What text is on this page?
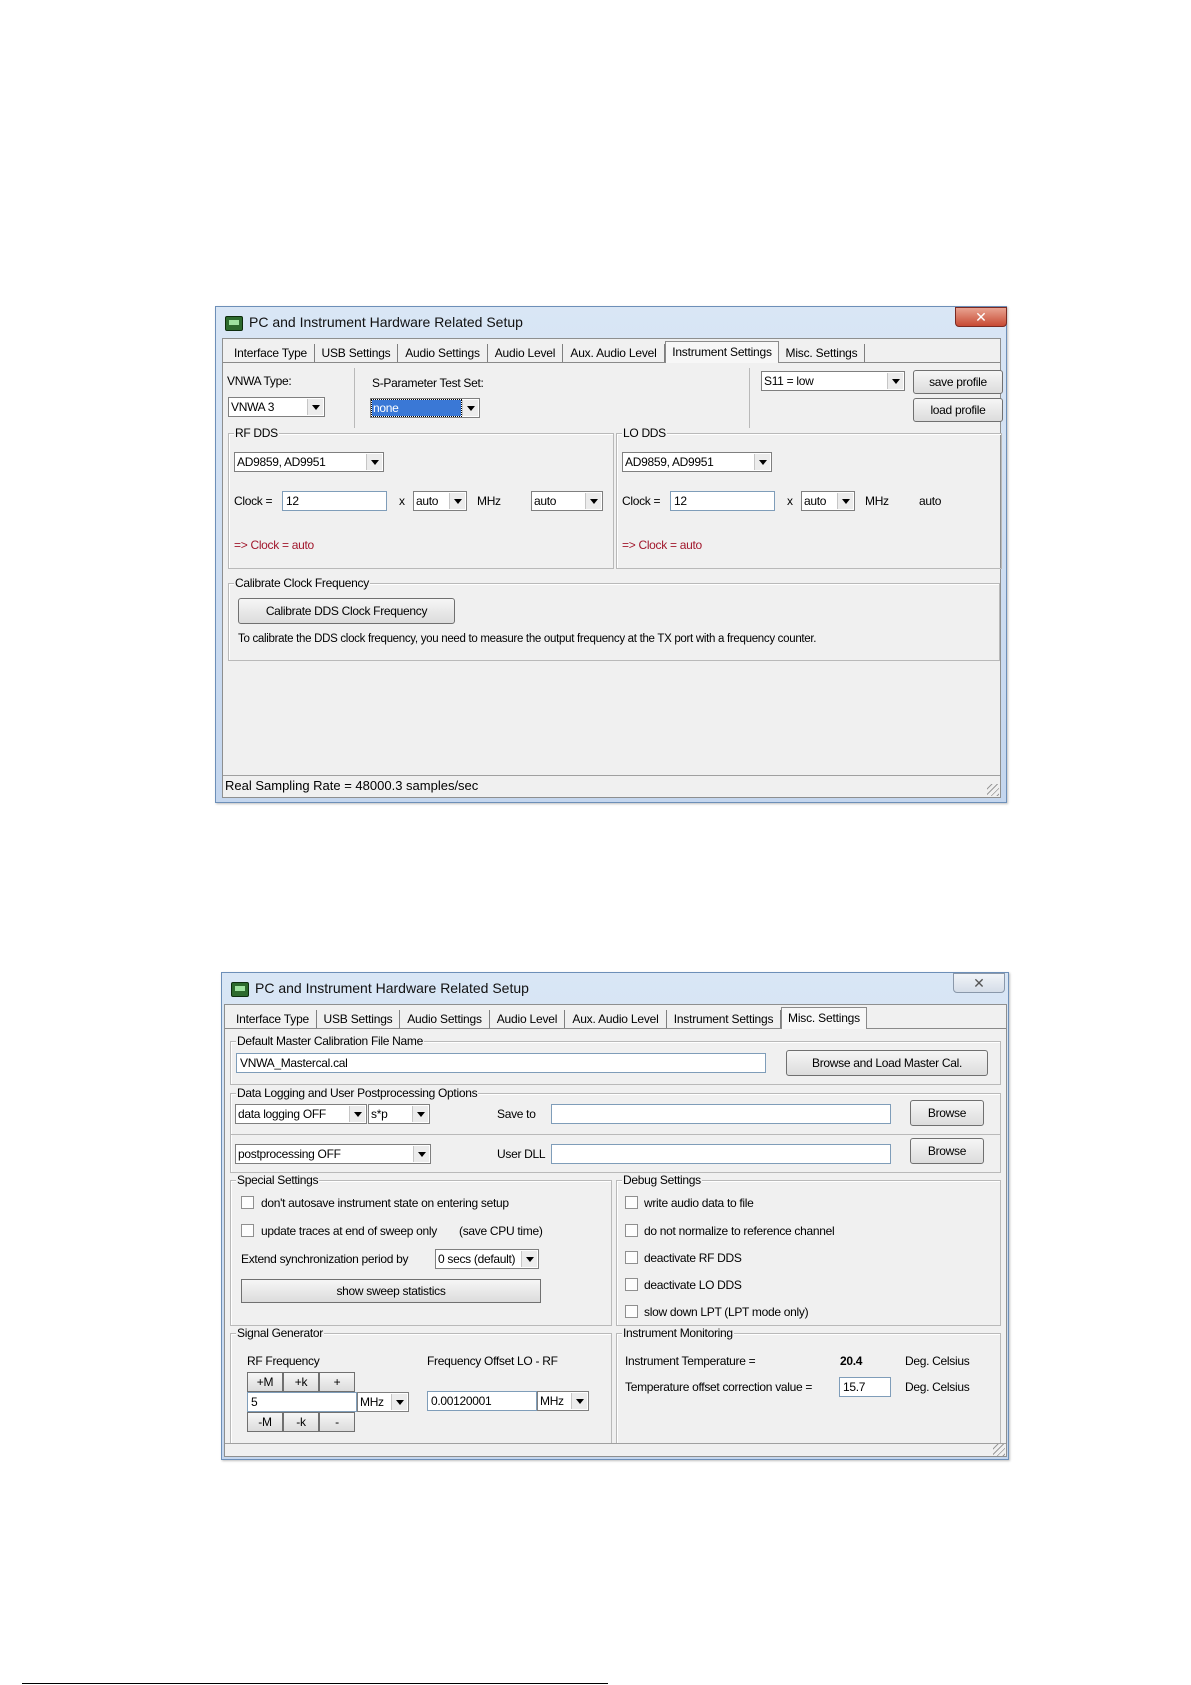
PC and Instrument Hardware Related Setup	✕
Interface Type	USB Settings	Audio Settings	Audio Level	Aux. Audio Level	Instrument Settings	Misc. Settings
VNWA Type:
VNWA 3
S-Parameter Test Set:
none
S11 = low	save profile
load profile
RF DDS
AD9859, AD9951
Clock =	12	x auto	MHz	auto
=> Clock = auto
LO DDS
AD9859, AD9951
Clock =	12	x auto	MHz	auto
=> Clock = auto
Calibrate Clock Frequency
Calibrate DDS Clock Frequency
To calibrate the DDS clock frequency, you need to measure the output frequency at the TX port with a frequency counter.
Real Sampling Rate = 48000.3 samples/sec
PC and Instrument Hardware Related Setup	✕
Interface Type	USB Settings	Audio Settings	Audio Level	Aux. Audio Level	Instrument Settings	Misc. Settings
Default Master Calibration File Name
VNWA_Mastercal.cal	Browse and Load Master Cal.
Data Logging and User Postprocessing Options
data logging OFF	s*p	Save to	Browse
postprocessing OFF	User DLL	Browse
Special Settings
don't autosave instrument state on entering setup
update traces at end of sweep only (save CPU time)
Extend synchronization period by 0 secs (default)
show sweep statistics
Debug Settings
write audio data to file
do not normalize to reference channel
deactivate RF DDS
deactivate LO DDS
slow down LPT (LPT mode only)
Signal Generator
RF Frequency
+M	+k	+
5	MHz
-M	-k	-
Frequency Offset LO - RF
0.00120001	MHz
Instrument Monitoring
Instrument Temperature =	20.4	Deg. Celsius
Temperature offset correction value =	15.7	Deg. Celsius
